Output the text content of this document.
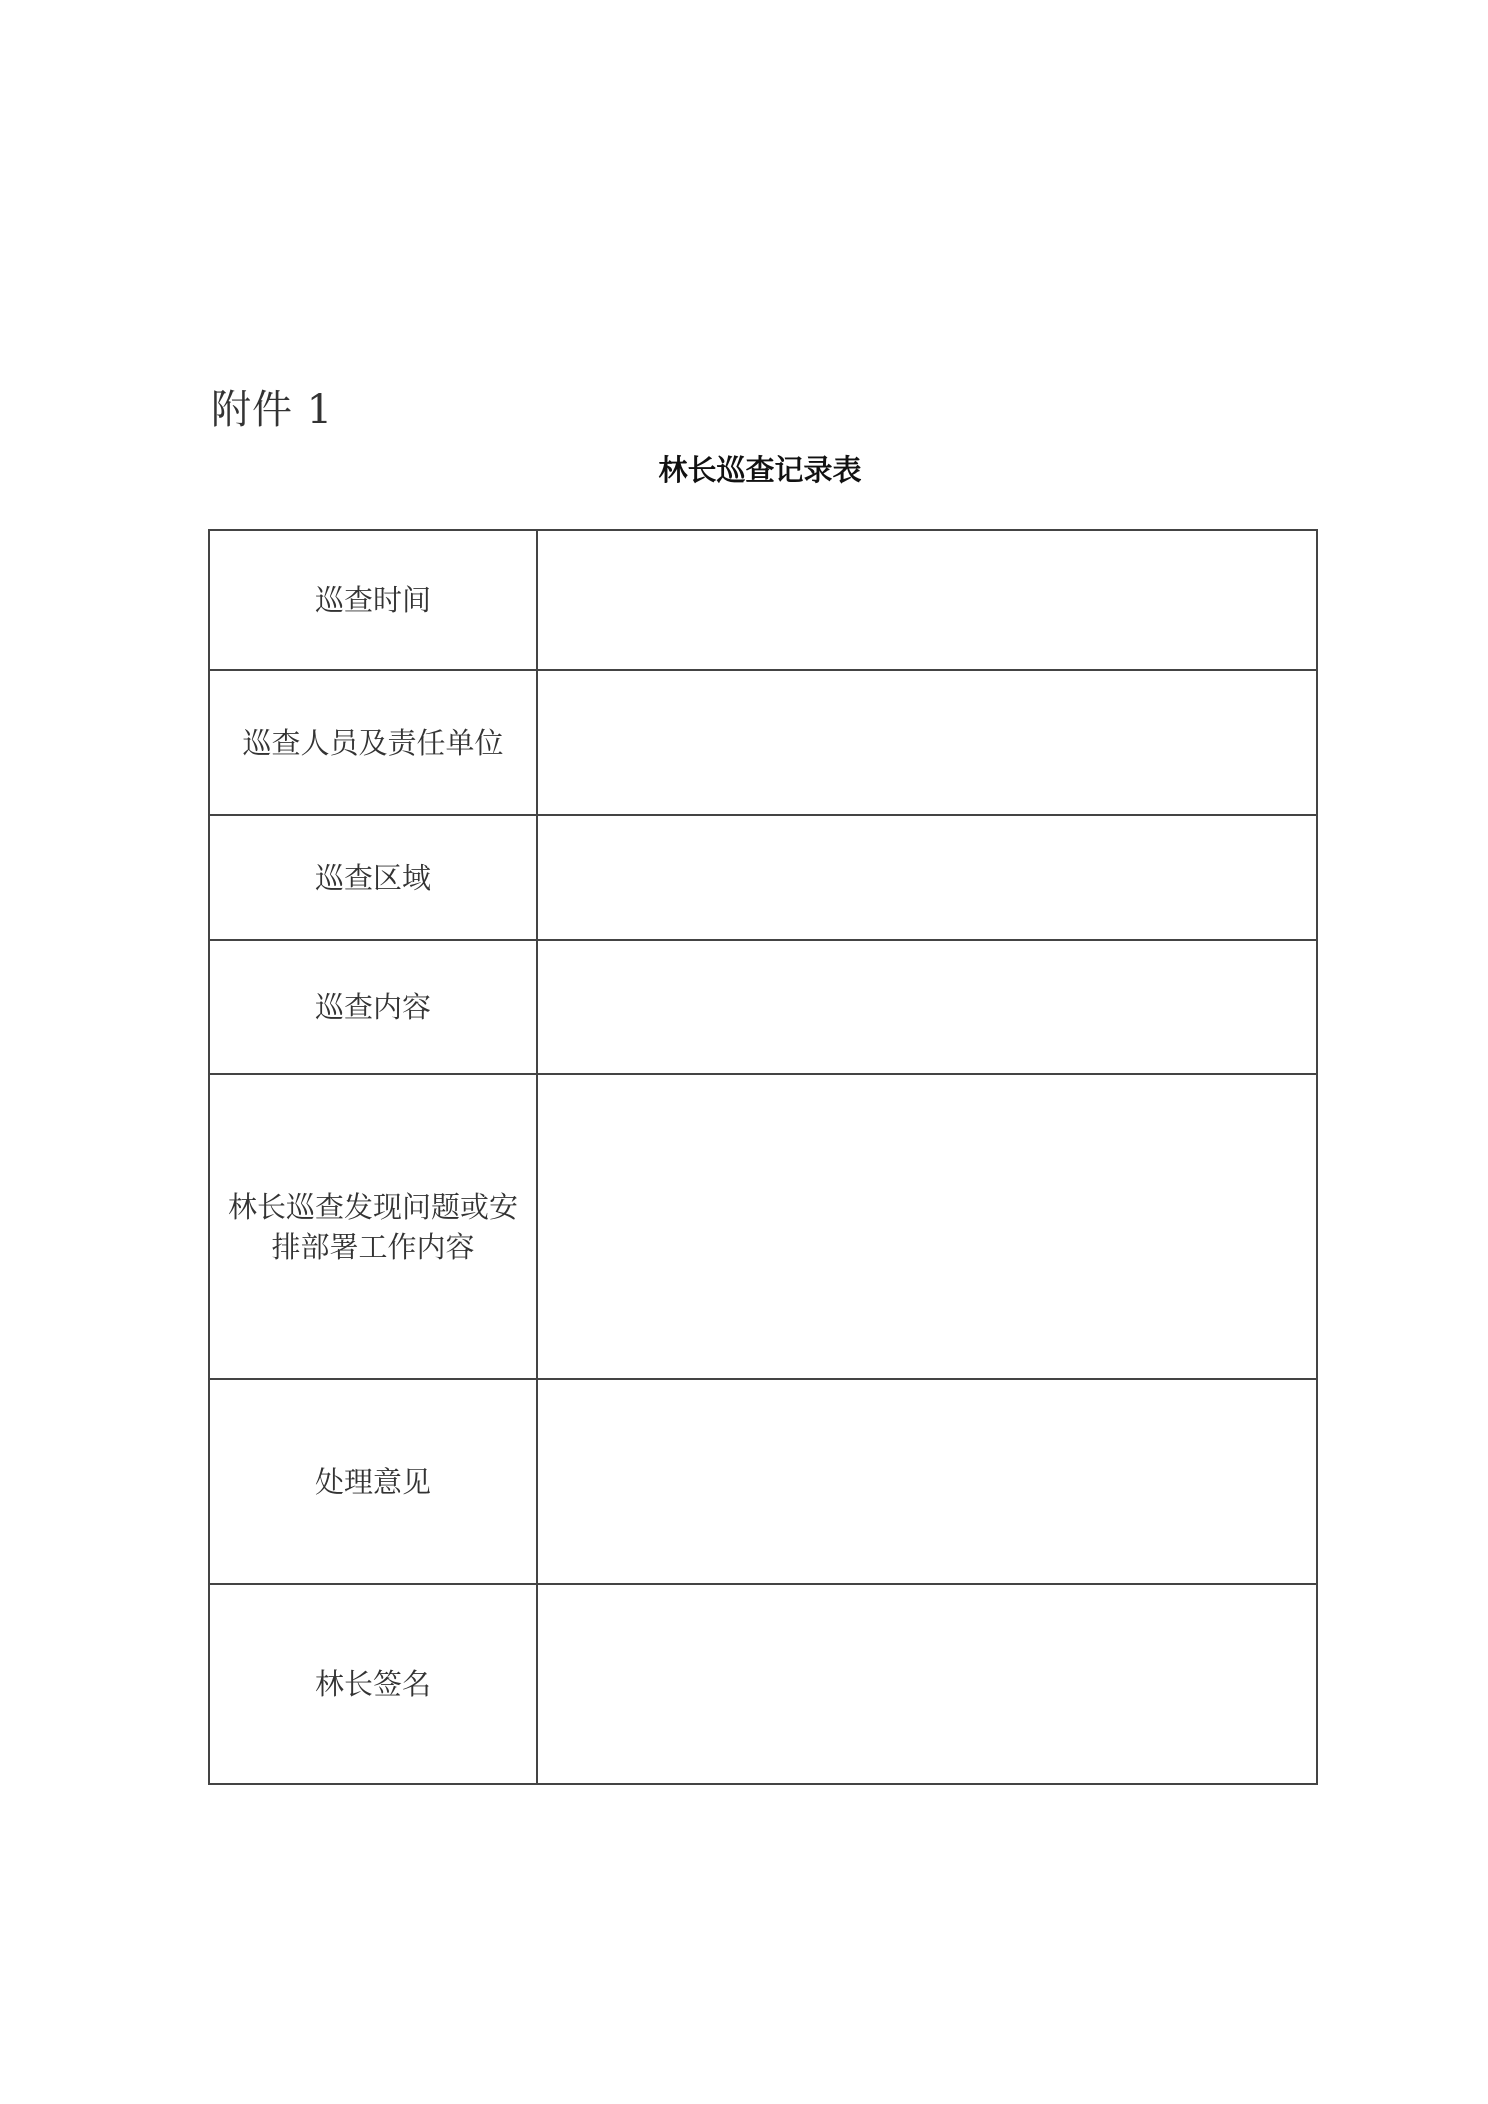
附件 1
林长巡查记录表
巡查时间	
巡查人员及责任单位	
巡查区域	
巡查内容	
林长巡查发现问题或安排部署工作内容	
处理意见	
林长签名	
